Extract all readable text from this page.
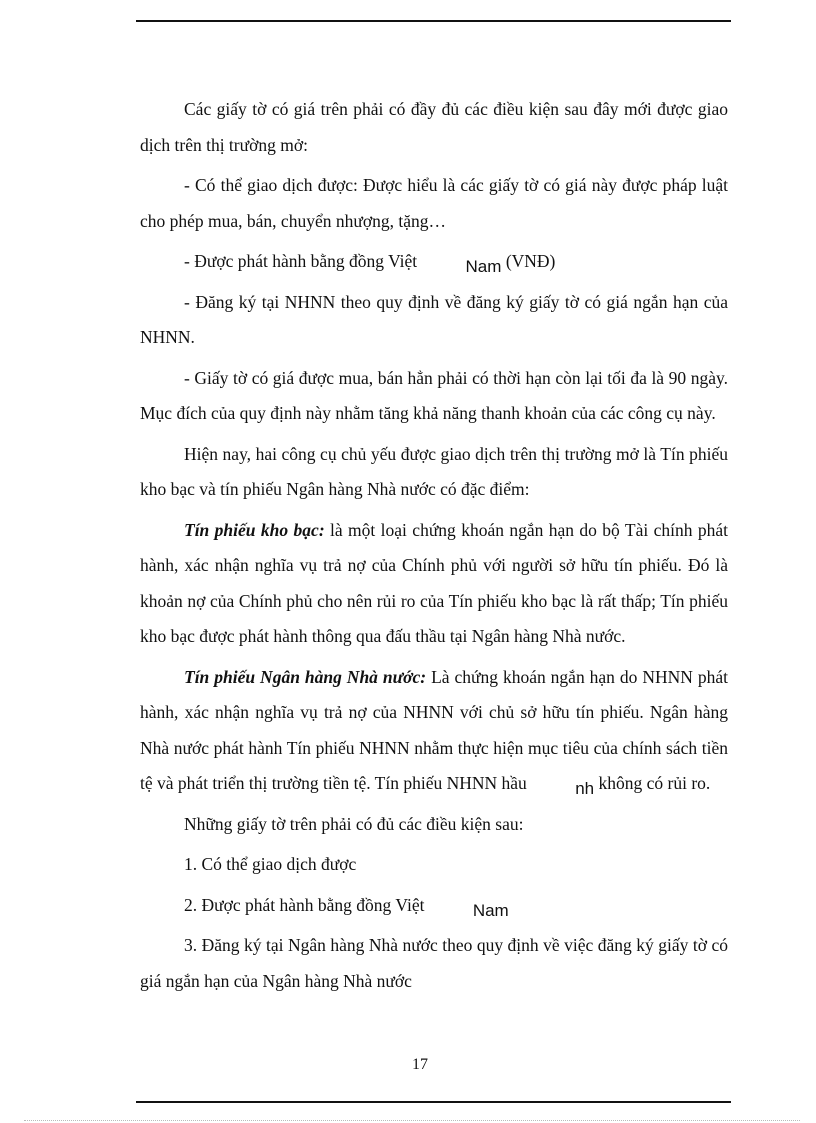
Các giấy tờ có giá trên phải có đầy đủ các điều kiện sau đây mới được giao dịch trên thị trường mở:

- Có thể giao dịch được: Được hiểu là các giấy tờ có giá này được pháp luật cho phép mua, bán, chuyển nhượng, tặng…

- Được phát hành bằng đồng Việt	Nam (VNĐ)

- Đăng ký tại NHNN theo quy định về đăng ký giấy tờ có giá ngắn hạn của NHNN.

- Giấy tờ có giá được mua, bán hẳn phải có thời hạn còn lại tối đa là 90 ngày. Mục đích của quy định này nhằm tăng khả năng thanh khoản của các công cụ này.

Hiện nay, hai công cụ chủ yếu được giao dịch trên thị trường mở là Tín phiếu kho bạc và tín phiếu Ngân hàng Nhà nước có đặc điểm:

Tín phiếu kho bạc: là một loại chứng khoán ngắn hạn do bộ Tài chính phát hành, xác nhận nghĩa vụ trả nợ của Chính phủ với người sở hữu tín phiếu. Đó là khoản nợ của Chính phủ cho nên rủi ro của Tín phiếu kho bạc là rất thấp; Tín phiếu kho bạc được phát hành thông qua đấu thầu tại Ngân hàng Nhà nước.

Tín phiếu Ngân hàng Nhà nước: Là chứng khoán ngắn hạn do NHNN phát hành, xác nhận nghĩa vụ trả nợ của NHNN với chủ sở hữu tín phiếu. Ngân hàng Nhà nước phát hành Tín phiếu NHNN nhằm thực hiện mục tiêu của chính sách tiền tệ và phát triển thị trường tiền tệ. Tín phiếu NHNN hầu	nh không có rủi ro.

Những giấy tờ trên phải có đủ các điều kiện sau:

1. Có thể giao dịch được

2. Được phát hành bằng đồng Việt	Nam

3. Đăng ký tại Ngân hàng Nhà nước theo quy định về việc đăng ký giấy tờ có giá ngắn hạn của Ngân hàng Nhà nước

17
